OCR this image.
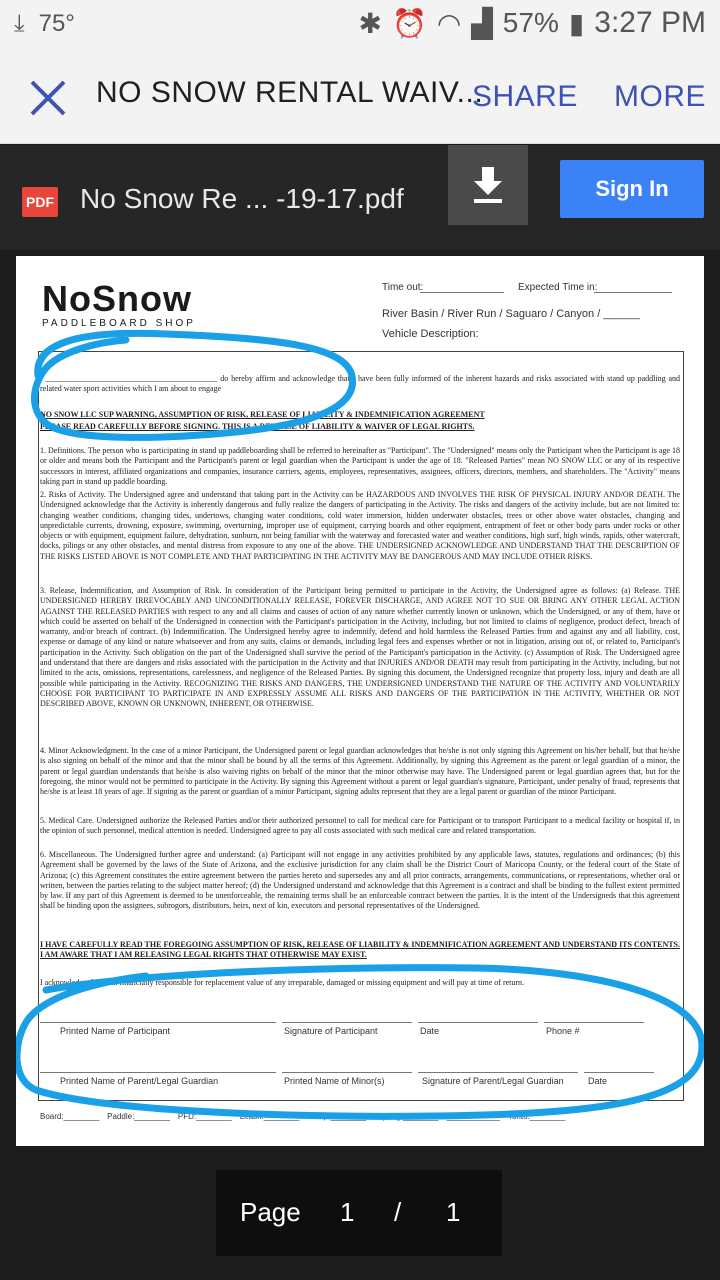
⤓ 75°	✱ ⏰ ◠ ▟ 57% ▮ 3:27 PM
NO SNOW RENTAL WAIV...
SHARE MORE
PDF No Snow Re ... -19-17.pdf	Sign In
NoSnow
PADDLEBOARD SHOP
Time out:	Expected Time in:
River Basin / River Run / Saguaro / Canyon / ______
Vehicle Description:
I ___________________________________________ do hereby affirm and acknowledge that I have been fully informed of the inherent hazards and risks associated with stand up paddling and related water sport activities which I am about to engage
NO SNOW LLC SUP WARNING, ASSUMPTION OF RISK, RELEASE OF LIABILITY & INDEMNIFICATION AGREEMENT
PLEASE READ CAREFULLY BEFORE SIGNING. THIS IS A RELEASE OF LIABILITY & WAIVER OF LEGAL RIGHTS.
1. Definitions. The person who is participating in stand up paddleboarding shall be referred to hereinafter as "Participant". The "Undersigned" means only the Participant when the Participant is age 18 or older and means both the Participant and the Participant's parent or legal guardian when the Participant is under the age of 18. "Released Parties" mean NO SNOW LLC or any of its respective successors in interest, affiliated organizations and companies, insurance carriers, agents, employees, representatives, assignees, officers, directors, members, and shareholders. The "Activity" means taking part in stand up paddle boarding.
2. Risks of Activity. The Undersigned agree and understand that taking part in the Activity can be HAZARDOUS AND INVOLVES THE RISK OF PHYSICAL INJURY AND/OR DEATH. The Undersigned acknowledge that the Activity is inherently dangerous and fully realize the dangers of participating in the Activity. The risks and dangers of the activity include, but are not limited to: changing weather conditions, changing tides, undertows, changing water conditions, cold water immersion, hidden underwater obstacles, trees or other above water obstacles, changing and unpredictable currents, drowning, exposure, swimming, overturning, improper use of equipment, carrying boards and other equipment, entrapment of feet or other body parts under rocks or other objects or with equipment, equipment failure, dehydration, sunburn, not being familiar with the waterway and forecasted water and weather conditions, high surf, high winds, rapids, other watercraft, docks, pilings or any other obstacles, and mental distress from exposure to any one of the above. THE UNDERSIGNED ACKNOWLEDGE AND UNDERSTAND THAT THE DESCRIPTION OF THE RISKS LISTED ABOVE IS NOT COMPLETE AND THAT PARTICIPATING IN THE ACTIVITY MAY BE DANGEROUS AND MAY INCLUDE OTHER RISKS.
3. Release, Indemnification, and Assumption of Risk. In consideration of the Participant being permitted to participate in the Activity, the Undersigned agree as follows: (a) Release. THE UNDERSIGNED HEREBY IRREVOCABLY AND UNCONDITIONALLY RELEASE, FOREVER DISCHARGE, AND AGREE NOT TO SUE OR BRING ANY OTHER LEGAL ACTION AGAINST THE RELEASED PARTIES with respect to any and all claims and causes of action of any nature whether currently known or unknown, which the Undersigned, or any of them, have or which could be asserted on behalf of the Undersigned in connection with the Participant's participation in the Activity, including, but not limited to claims of negligence, product defect, breach of warranty, and/or breach of contract. (b) Indemnification. The Undersigned hereby agree to indemnify, defend and hold harmless the Released Parties from and against any and all liability, cost, expense or damage of any kind or nature whatsoever and from any suits, claims or demands, including legal fees and expenses whether or not in litigation, arising out of, or related to, Participant's participation in the Activity. Such obligation on the part of the Undersigned shall survive the period of the Participant's participation in the Activity. (c) Assumption of Risk. The Undersigned agree and understand that there are dangers and risks associated with the participation in the Activity and that INJURIES AND/OR DEATH may result from participating in the Activity, including, but not limited to the acts, omissions, representations, carelessness, and negligence of the Released Parties. By signing this document, the Undersigned recognize that property loss, injury and death are all possible while participating in the Activity. RECOGNIZING THE RISKS AND DANGERS, THE UNDERSIGNED UNDERSTAND THE NATURE OF THE ACTIVITY AND VOLUNTARILY CHOOSE FOR PARTICIPANT TO PARTICIPATE IN AND EXPRESSLY ASSUME ALL RISKS AND DANGERS OF THE PARTICIPATION IN THE ACTIVITY, WHETHER OR NOT DESCRIBED ABOVE, KNOWN OR UNKNOWN, INHERENT, OR OTHERWISE.
4. Minor Acknowledgment. In the case of a minor Participant, the Undersigned parent or legal guardian acknowledges that he/she is not only signing this Agreement on his/her behalf, but that he/she is also signing on behalf of the minor and that the minor shall be bound by all the terms of this Agreement. Additionally, by signing this Agreement as the parent or legal guardian of a minor, the parent or legal guardian understands that he/she is also waiving rights on behalf of the minor that the minor otherwise may have. The Undersigned parent or legal guardian agrees that, but for the foregoing, the minor would not be permitted to participate in the Activity. By signing this Agreement without a parent or legal guardian's signature, Participant, under penalty of fraud, represents that he/she is at least 18 years of age. If signing as the parent or guardian of a minor Participant, signing adults represent that they are a legal parent or guardian of the minor Participant.
5. Medical Care. Undersigned authorize the Released Parties and/or their authorized personnel to call for medical care for Participant or to transport Participant to a medical facility or hospital if, in the opinion of such personnel, medical attention is needed. Undersigned agree to pay all costs associated with such medical care and related transportation.
6. Miscellaneous. The Undersigned further agree and understand: (a) Participant will not engage in any activities prohibited by any applicable laws, statutes, regulations and ordinances; (b) this Agreement shall be governed by the laws of the State of Arizona, and the exclusive jurisdiction for any claim shall be the District Court of Maricopa County, or the federal court of the State of Arizona; (c) this Agreement constitutes the entire agreement between the parties hereto and supersedes any and all prior contracts, arrangements, communications, or representations, whether oral or written, between the parties relating to the subject matter hereof; (d) the Undersigned understand and acknowledge that this Agreement is a contract and shall be binding to the fullest extent permitted by law. If any part of this Agreement is deemed to be unenforceable, the remaining terms shall be an enforceable contract between the parties. It is the intent of the Undersigneds that this agreement shall be binding upon the assignees, subrogors, distributors, heirs, next of kin, executors and personal representatives of the Undersigned.
I HAVE CAREFULLY READ THE FOREGOING ASSUMPTION OF RISK, RELEASE OF LIABILITY & INDEMNIFICATION AGREEMENT AND UNDERSTAND ITS CONTENTS. I AM AWARE THAT I AM RELEASING LEGAL RIGHTS THAT OTHERWISE MAY EXIST.
I acknowledge that I am financially responsible for replacement value of any irreparable, damaged or missing equipment and will pay at time of return.
Printed Name of Participant	Signature of Participant	Date	Phone #
Printed Name of Parent/Legal Guardian	Printed Name of Minor(s)	Signature of Parent/Legal Guardian	Date
Board:________ Paddle:________ PFD:________ Leash:________ Pump:________ DryBag:________ ____________ Tonto:________
Page 1 / 1
